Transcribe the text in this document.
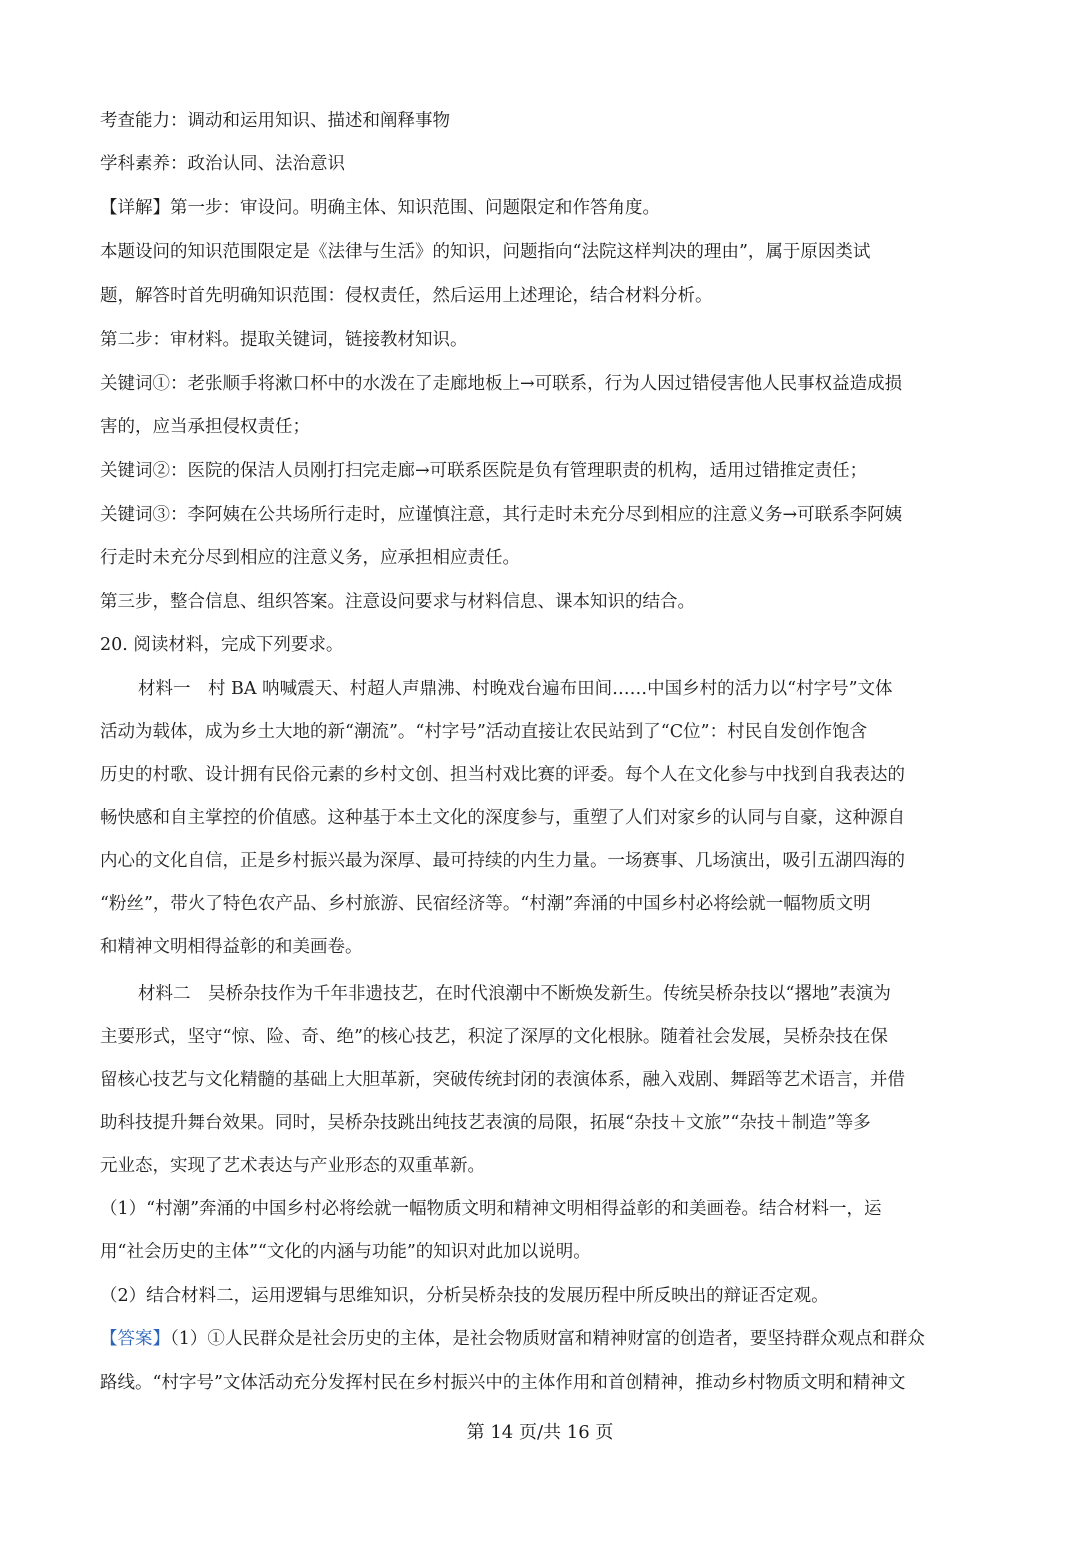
考查能力：调动和运用知识、描述和阐释事物
学科素养：政治认同、法治意识
【详解】第一步：审设问。明确主体、知识范围、问题限定和作答角度。
本题设问的知识范围限定是《法律与生活》的知识，问题指向“法院这样判决的理由”，属于原因类试
题，解答时首先明确知识范围：侵权责任，然后运用上述理论，结合材料分析。
第二步：审材料。提取关键词，链接教材知识。
关键词①：老张顺手将漱口杯中的水泼在了走廊地板上→可联系，行为人因过错侵害他人民事权益造成损
害的，应当承担侵权责任；
关键词②：医院的保洁人员刚打扫完走廊→可联系医院是负有管理职责的机构，适用过错推定责任；
关键词③：李阿姨在公共场所行走时，应谨慎注意，其行走时未充分尽到相应的注意义务→可联系李阿姨
行走时未充分尽到相应的注意义务，应承担相应责任。
第三步，整合信息、组织答案。注意设问要求与材料信息、课本知识的结合。
20. 阅读材料，完成下列要求。
材料一　村 BA 呐喊震天、村超人声鼎沸、村晚戏台遍布田间……中国乡村的活力以“村字号”文体
活动为载体，成为乡土大地的新“潮流”。“村字号”活动直接让农民站到了“C位”：村民自发创作饱含
历史的村歌、设计拥有民俗元素的乡村文创、担当村戏比赛的评委。每个人在文化参与中找到自我表达的
畅快感和自主掌控的价值感。这种基于本土文化的深度参与，重塑了人们对家乡的认同与自豪，这种源自
内心的文化自信，正是乡村振兴最为深厚、最可持续的内生力量。一场赛事、几场演出，吸引五湖四海的
“粉丝”，带火了特色农产品、乡村旅游、民宿经济等。“村潮”奔涌的中国乡村必将绘就一幅物质文明
和精神文明相得益彰的和美画卷。
材料二　吴桥杂技作为千年非遗技艺，在时代浪潮中不断焕发新生。传统吴桥杂技以“撂地”表演为
主要形式，坚守“惊、险、奇、绝”的核心技艺，积淀了深厚的文化根脉。随着社会发展，吴桥杂技在保
留核心技艺与文化精髓的基础上大胆革新，突破传统封闭的表演体系，融入戏剧、舞蹈等艺术语言，并借
助科技提升舞台效果。同时，吴桥杂技跳出纯技艺表演的局限，拓展“杂技＋文旅”“杂技＋制造”等多
元业态，实现了艺术表达与产业形态的双重革新。
（1）“村潮”奔涌的中国乡村必将绘就一幅物质文明和精神文明相得益彰的和美画卷。结合材料一，运
用“社会历史的主体”“文化的内涵与功能”的知识对此加以说明。
（2）结合材料二，运用逻辑与思维知识，分析吴桥杂技的发展历程中所反映出的辩证否定观。
【答案】（1）①人民群众是社会历史的主体，是社会物质财富和精神财富的创造者，要坚持群众观点和群众
路线。“村字号”文体活动充分发挥村民在乡村振兴中的主体作用和首创精神，推动乡村物质文明和精神文
第 14 页/共 16 页
